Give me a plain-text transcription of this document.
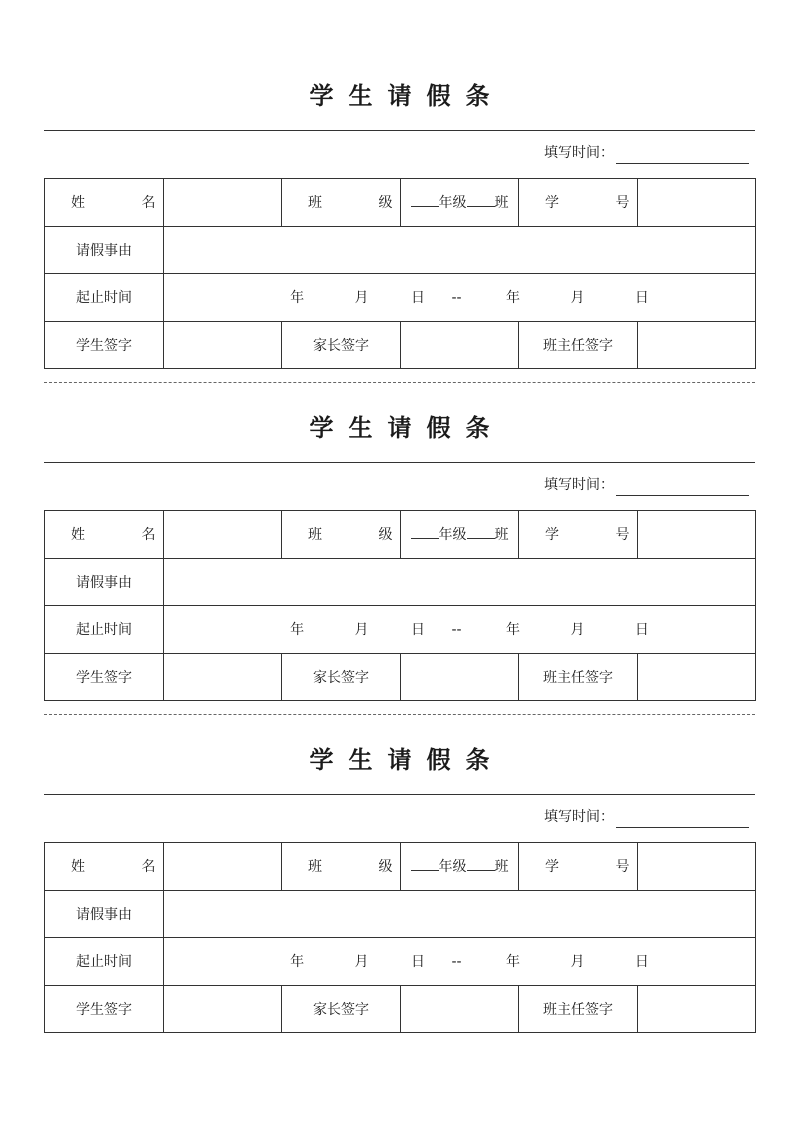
学生请假条
填写时间：
姓 名		班 级	年级 班	学 号	
请假事由					
起止时间	年 月 日 -- 年 月 日				
学生签字		家长签字		班主任签字	
学生请假条
填写时间：
姓 名		班 级	年级 班	学 号	
请假事由					
起止时间	年 月 日 -- 年 月 日				
学生签字		家长签字		班主任签字	
学生请假条
填写时间：
姓 名		班 级	年级 班	学 号	
请假事由					
起止时间	年 月 日 -- 年 月 日				
学生签字		家长签字		班主任签字	
